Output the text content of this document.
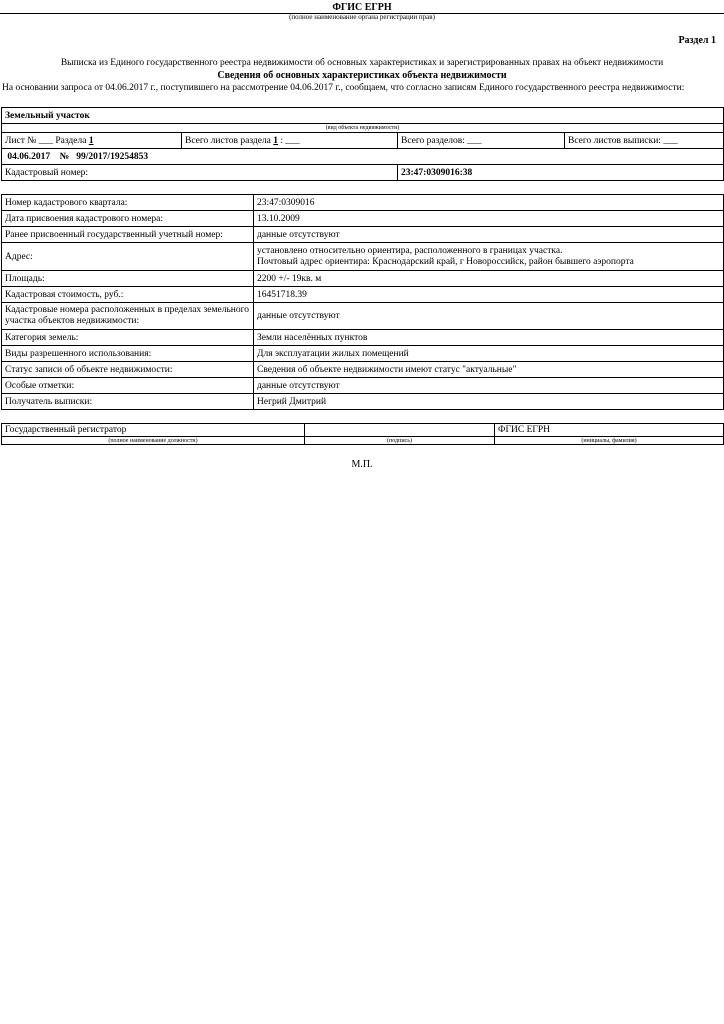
ФГИС ЕГРН
(полное наименование органа регистрации прав)
Раздел 1
Выписка из Единого государственного реестра недвижимости об основных характеристиках и зарегистрированных правах на объект недвижимости
Сведения об основных характеристиках объекта недвижимости
На основании запроса от 04.06.2017 г., поступившего на рассмотрение 04.06.2017 г., сообщаем, что согласно записям Единого государственного реестра недвижимости:
Земельный участок			
(вид объекта недвижимости)			
Лист № ___ Раздела 1	Всего листов раздела 1 : ___	Всего разделов: ___	Всего листов выписки: ___
04.06.2017 № 99/2017/19254853			
Кадастровый номер:		23:47:0309016:38	
Номер кадастрового квартала:	23:47:0309016
Дата присвоения кадастрового номера:	13.10.2009
Ранее присвоенный государственный учетный номер:	данные отсутствуют
Адрес:	установлено относительно ориентира, расположенного в границах участка.
Почтовый адрес ориентира: Краснодарский край, г Новороссийск, район бывшего аэропорта

Площадь:	2200 +/- 19кв. м
Кадастровая стоимость, руб.:	16451718.39
Кадастровые номера расположенных в пределах земельного участка объектов недвижимости:	данные отсутствуют
Категория земель:	Земли населённых пунктов
Виды разрешенного использования:	Для эксплуатации жилых помещений
Статус записи об объекте недвижимости:	Сведения об объекте недвижимости имеют статус "актуальные"
Особые отметки:	данные отсутствуют
Получатель выписки:	Негрий Дмитрий
Государственный регистратор		ФГИС ЕГРН
(полное наименование должности)	(подпись)	(инициалы, фамилия)
М.П.
